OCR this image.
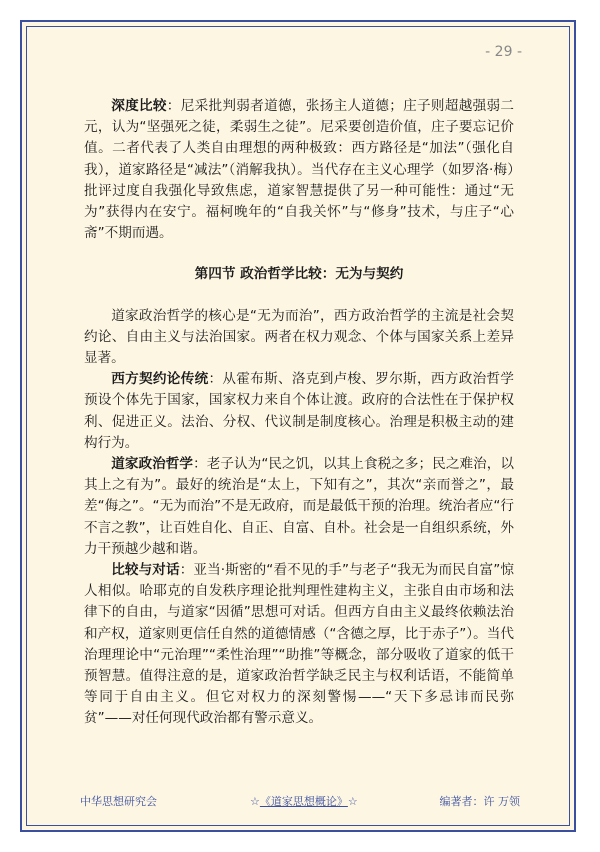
- 29 -

深度比较：尼采批判弱者道德，张扬主人道德；庄子则超越强弱二元，认为“坚强死之徒，柔弱生之徒”。尼采要创造价值，庄子要忘记价值。二者代表了人类自由理想的两种极致：西方路径是“加法”（强化自我），道家路径是“减法”（消解我执）。当代存在主义心理学（如罗洛·梅）批评过度自我强化导致焦虑，道家智慧提供了另一种可能性：通过“无为”获得内在安宁。福柯晚年的“自我关怀”与“修身”技术，与庄子“心斋”不期而遇。

第四节 政治哲学比较：无为与契约

道家政治哲学的核心是“无为而治”，西方政治哲学的主流是社会契约论、自由主义与法治国家。两者在权力观念、个体与国家关系上差异显著。

西方契约论传统：从霍布斯、洛克到卢梭、罗尔斯，西方政治哲学预设个体先于国家，国家权力来自个体让渡。政府的合法性在于保护权利、促进正义。法治、分权、代议制是制度核心。治理是积极主动的建构行为。

道家政治哲学：老子认为“民之饥，以其上食税之多；民之难治，以其上之有为”。最好的统治是“太上，下知有之”，其次“亲而誉之”，最差“侮之”。“无为而治”不是无政府，而是最低干预的治理。统治者应“行不言之教”，让百姓自化、自正、自富、自朴。社会是一自组织系统，外力干预越少越和谐。

比较与对话：亚当·斯密的“看不见的手”与老子“我无为而民自富”惊人相似。哈耶克的自发秩序理论批判理性建构主义，主张自由市场和法律下的自由，与道家“因循”思想可对话。但西方自由主义最终依赖法治和产权，道家则更信任自然的道德情感（“含德之厚，比于赤子”）。当代治理理论中“元治理”“柔性治理”“助推”等概念，部分吸收了道家的低干预智慧。值得注意的是，道家政治哲学缺乏民主与权利话语，不能简单等同于自由主义。但它对权力的深刻警惕——“天下多忌讳而民弥贫”——对任何现代政治都有警示意义。

中华思想研究会	☆《道家思想概论》☆	编著者：许 万领
